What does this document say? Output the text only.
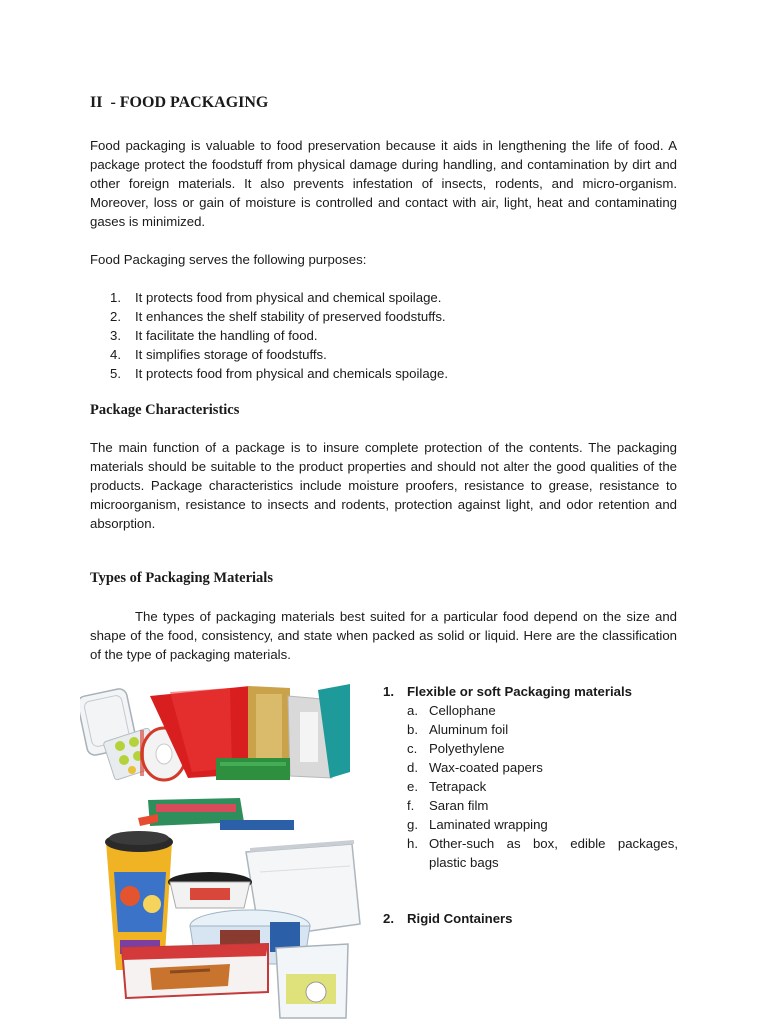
II  - FOOD PACKAGING

Food packaging is valuable to food preservation because it aids in lengthening the life of food. A package protect the foodstuff from physical damage during handling, and contamination by dirt and other foreign materials. It also prevents infestation of insects, rodents, and micro-organism. Moreover, loss or gain of moisture is controlled and contact with air, light, heat and contaminating gases is minimized.

Food Packaging serves the following purposes:

1.	It protects food from physical and chemical spoilage.
2.	It enhances the shelf stability of preserved foodstuffs.
3.	It facilitate the handling of food.
4.	It simplifies storage of foodstuffs.
5.	It protects food from physical and chemicals spoilage.
Package Characteristics

The main function of a package is to insure complete protection of the contents. The packaging materials should be suitable to the product properties and should not alter the good qualities of the products. Package characteristics include moisture proofers, resistance to grease, resistance to microorganism, resistance to insects and rodents, protection against light, and odor retention and absorption.

Types of Packaging Materials

The types of packaging materials best suited for a particular food depend on the size and shape of the food, consistency, and state when packed as solid or liquid. Here are the classification of the type of packaging materials.

1. Flexible or soft Packaging materials
a. Cellophane
b. Aluminum foil
c. Polyethylene
d. Wax-coated papers
e. Tetrapack
f. Saran film
g. Laminated wrapping
h. Other-such as box, edible packages, plastic bags
2. Rigid Containers
